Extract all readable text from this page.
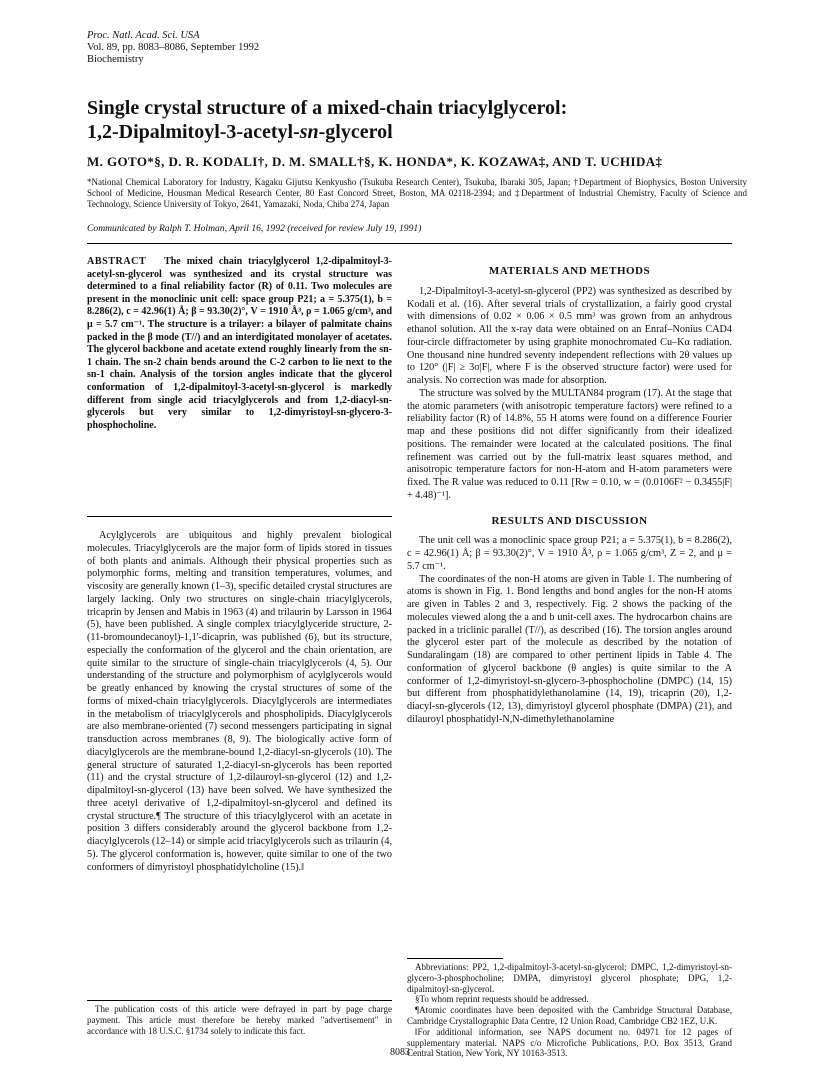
Proc. Natl. Acad. Sci. USA
Vol. 89, pp. 8083–8086, September 1992
Biochemistry
Single crystal structure of a mixed-chain triacylglycerol:
1,2-Dipalmitoyl-3-acetyl-sn-glycerol
M. GOTO*§, D. R. KODALI†, D. M. SMALL†§, K. HONDA*, K. KOZAWA‡, AND T. UCHIDA‡
*National Chemical Laboratory for Industry, Kagaku Gijutsu Kenkyusho (Tsukuba Research Center), Tsukuba, Ibaraki 305, Japan; †Department of Biophysics, Boston University School of Medicine, Housman Medical Research Center, 80 East Concord Street, Boston, MA 02118-2394; and ‡Department of Industrial Chemistry, Faculty of Science and Technology, Science University of Tokyo, 2641, Yamazaki, Noda, Chiba 274, Japan
Communicated by Ralph T. Holman, April 16, 1992 (received for review July 19, 1991)
ABSTRACT The mixed chain triacylglycerol 1,2-dipalmitoyl-3-acetyl-sn-glycerol was synthesized and its crystal structure was determined to a final reliability factor (R) of 0.11. Two molecules are present in the monoclinic unit cell: space group P21; a = 5.375(1), b = 8.286(2), c = 42.96(1) Å; β = 93.30(2)°, V = 1910 Å³, ρ = 1.065 g/cm³, and μ = 5.7 cm⁻¹. The structure is a trilayer: a bilayer of palmitate chains packed in the β mode (T//) and an interdigitated monolayer of acetates. The glycerol backbone and acetate extend roughly linearly from the sn-1 chain. The sn-2 chain bends around the C-2 carbon to lie next to the sn-1 chain. Analysis of the torsion angles indicate that the glycerol conformation of 1,2-dipalmitoyl-3-acetyl-sn-glycerol is markedly different from single acid triacylglycerols and from 1,2-diacyl-sn-glycerols but very similar to 1,2-dimyristoyl-sn-glycero-3-phosphocholine.

Acylglycerols are ubiquitous and highly prevalent biological molecules. Triacylglycerols are the major form of lipids stored in tissues of both plants and animals. Although their physical properties such as polymorphic forms, melting and transition temperatures, volumes, and viscosity are generally known (1–3), specific detailed crystal structures are largely lacking. Only two structures on single-chain triacylglycerols, tricaprin by Jensen and Mabis in 1963 (4) and trilaurin by Larsson in 1964 (5), have been published. A single complex triacylglyceride structure, 2-(11-bromoundecanoyl)-1,1'-dicaprin, was published (6), but its structure, especially the conformation of the glycerol and the chain orientation, are quite similar to the structure of single-chain triacylglycerols (4, 5). Our understanding of the structure and polymorphism of acylglycerols would be greatly enhanced by knowing the crystal structures of some of the forms of mixed-chain triacylglycerols. Diacylglycerols are intermediates in the metabolism of triacylglycerols and phospholipids. Diacylglycerols are also membrane-oriented (7) second messengers participating in signal transduction across membranes (8, 9). The biologically active form of diacylglycerols are the membrane-bound 1,2-diacyl-sn-glycerols (10). The general structure of saturated 1,2-diacyl-sn-glycerols has been reported (11) and the crystal structure of 1,2-dilauroyl-sn-glycerol (12) and 1,2-dipalmitoyl-sn-glycerol (13) have been solved. We have synthesized the three acetyl derivative of 1,2-dipalmitoyl-sn-glycerol and defined its crystal structure.¶ The structure of this triacylglycerol with an acetate in position 3 differs considerably around the glycerol backbone from 1,2-diacylglycerols (12–14) or simple acid triacylglycerols such as trilaurin (4, 5). The glycerol conformation is, however, quite similar to one of the two conformers of dimyristoyl phosphatidylcholine (15).‖

The publication costs of this article were defrayed in part by page charge payment. This article must therefore be hereby marked "advertisement" in accordance with 18 U.S.C. §1734 solely to indicate this fact.
MATERIALS AND METHODS

1,2-Dipalmitoyl-3-acetyl-sn-glycerol (PP2) was synthesized as described by Kodali et al. (16). After several trials of crystallization, a fairly good crystal with dimensions of 0.02 × 0.06 × 0.5 mm³ was grown from an anhydrous ethanol solution. All the x-ray data were obtained on an Enraf–Nonius CAD4 four-circle diffractometer by using graphite monochromated Cu–Kα radiation. One thousand nine hundred seventy independent reflections with 2θ values up to 120° (|F| ≥ 3σ|F|, where F is the observed structure factor) were used for analysis. No correction was made for absorption.

The structure was solved by the MULTAN84 program (17). At the stage that the atomic parameters (with anisotropic temperature factors) were refined to a reliability factor (R) of 14.8%, 55 H atoms were found on a difference Fourier map and these positions did not differ significantly from their idealized positions. The remainder were located at the calculated positions. The final refinement was carried out by the full-matrix least squares method, and anisotropic temperature factors for non-H-atom and H-atom parameters were fixed. The R value was reduced to 0.11 [Rw = 0.10, w = (0.0106F² − 0.3455|F| + 4.48)⁻¹].

RESULTS AND DISCUSSION

The unit cell was a monoclinic space group P21; a = 5.375(1), b = 8.286(2), c = 42.96(1) Å; β = 93.30(2)°, V = 1910 Å³, ρ = 1.065 g/cm³, Z = 2, and μ = 5.7 cm⁻¹.

The coordinates of the non-H atoms are given in Table 1. The numbering of atoms is shown in Fig. 1. Bond lengths and bond angles for the non-H atoms are given in Tables 2 and 3, respectively. Fig. 2 shows the packing of the molecules viewed along the a and b unit-cell axes. The hydrocarbon chains are packed in a triclinic parallel (T//), as described (16). The torsion angles around the glycerol ester part of the molecule as described by the notation of Sundaralingam (18) are compared to other pertinent lipids in Table 4. The conformation of glycerol backbone (θ angles) is quite similar to the A conformer of 1,2-dimyristoyl-sn-glycero-3-phosphocholine (DMPC) (14, 15) but different from phosphatidylethanolamine (14, 19), tricaprin (20), 1,2-diacyl-sn-glycerols (12, 13), dimyristoyl glycerol phosphate (DMPA) (21), and dilauroyl phosphatidyl-N,N-dimethylethanolamine

Abbreviations: PP2, 1,2-dipalmitoyl-3-acetyl-sn-glycerol; DMPC, 1,2-dimyristoyl-sn-glycero-3-phosphocholine; DMPA, dimyristoyl glycerol phosphate; DPG, 1,2-dipalmitoyl-sn-glycerol.
§To whom reprint requests should be addressed.
¶Atomic coordinates have been deposited with the Cambridge Structural Database, Cambridge Crystallographic Data Centre, 12 Union Road, Cambridge CB2 1EZ, U.K.
‖For additional information, see NAPS document no. 04971 for 12 pages of supplementary material. NAPS c/o Microfiche Publications, P.O. Box 3513, Grand Central Station, New York, NY 10163-3513.
8083
